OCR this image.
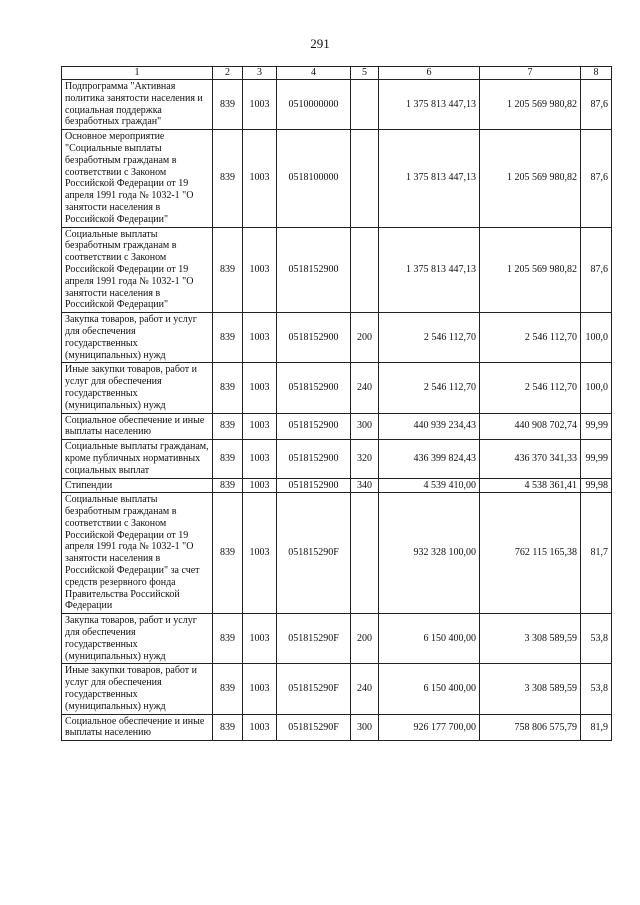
291
1	2	3	4	5	6	7	8
Подпрограмма "Активная политика занятости населения и социальная поддержка безработных граждан"	839	1003	0510000000		1 375 813 447,13	1 205 569 980,82	87,6
Основное мероприятие "Социальные выплаты безработным гражданам в соответствии с Законом Российской Федерации от 19 апреля 1991 года № 1032-1 "О занятости населения в Российской Федерации"	839	1003	0518100000		1 375 813 447,13	1 205 569 980,82	87,6
Социальные выплаты безработным гражданам в соответствии с Законом Российской Федерации от 19 апреля 1991 года № 1032-1 "О занятости населения в Российской Федерации"	839	1003	0518152900		1 375 813 447,13	1 205 569 980,82	87,6
Закупка товаров, работ и услуг для обеспечения государственных (муниципальных) нужд	839	1003	0518152900	200	2 546 112,70	2 546 112,70	100,0
Иные закупки товаров, работ и услуг для обеспечения государственных (муниципальных) нужд	839	1003	0518152900	240	2 546 112,70	2 546 112,70	100,0
Социальное обеспечение и иные выплаты населению	839	1003	0518152900	300	440 939 234,43	440 908 702,74	99,99
Социальные выплаты гражданам, кроме публичных нормативных социальных выплат	839	1003	0518152900	320	436 399 824,43	436 370 341,33	99,99
Стипендии	839	1003	0518152900	340	4 539 410,00	4 538 361,41	99,98
Социальные выплаты безработным гражданам в соответствии с Законом Российской Федерации от 19 апреля 1991 года № 1032-1 "О занятости населения в Российской Федерации" за счет средств резервного фонда Правительства Российской Федерации	839	1003	051815290F		932 328 100,00	762 115 165,38	81,7
Закупка товаров, работ и услуг для обеспечения государственных (муниципальных) нужд	839	1003	051815290F	200	6 150 400,00	3 308 589,59	53,8
Иные закупки товаров, работ и услуг для обеспечения государственных (муниципальных) нужд	839	1003	051815290F	240	6 150 400,00	3 308 589,59	53,8
Социальное обеспечение и иные выплаты населению	839	1003	051815290F	300	926 177 700,00	758 806 575,79	81,9
